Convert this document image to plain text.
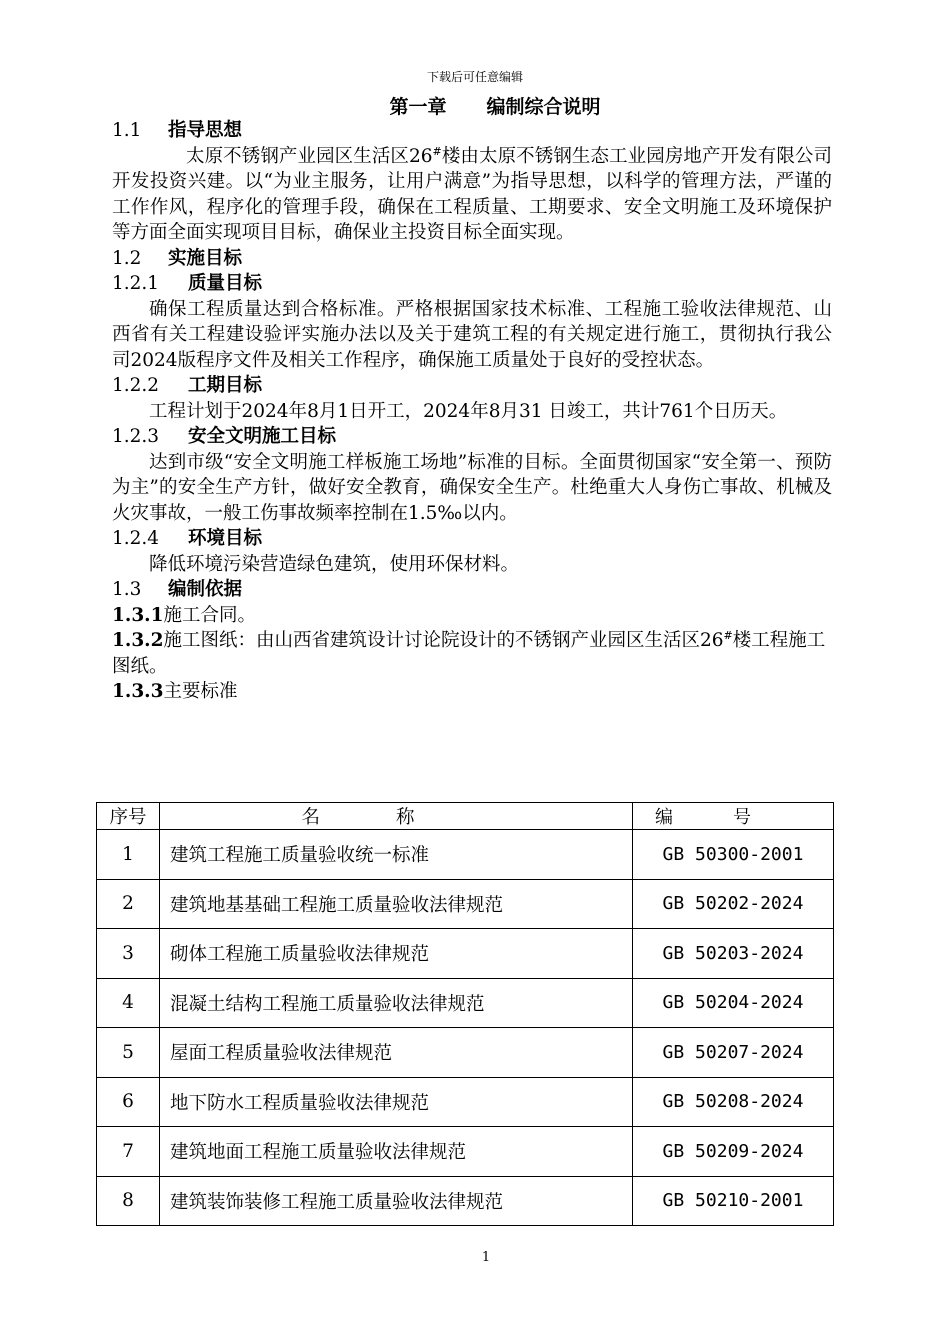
下载后可任意编辑
第一章 编制综合说明
1.1 指导思想
太原不锈钢产业园区生活区26#楼由太原不锈钢生态工业园房地产开发有限公司开发投资兴建。以“为业主服务，让用户满意”为指导思想，以科学的管理方法，严谨的工作作风，程序化的管理手段，确保在工程质量、工期要求、安全文明施工及环境保护等方面全面实现项目目标，确保业主投资目标全面实现。
1.2 实施目标
1.2.1 质量目标
确保工程质量达到合格标准。严格根据国家技术标准、工程施工验收法律规范、山西省有关工程建设验评实施办法以及关于建筑工程的有关规定进行施工，贯彻执行我公司2024版程序文件及相关工作程序，确保施工质量处于良好的受控状态。
1.2.2 工期目标
工程计划于2024年8月1日开工，2024年8月31 日竣工，共计761个日历天。
1.2.3 安全文明施工目标
达到市级“安全文明施工样板施工场地”标准的目标。全面贯彻国家“安全第一、预防为主”的安全生产方针，做好安全教育，确保安全生产。杜绝重大人身伤亡事故、机械及火灾事故，一般工伤事故频率控制在1.5‰以内。
1.2.4 环境目标
降低环境污染营造绿色建筑，使用环保材料。
1.3 编制依据
1.3.1施工合同。
1.3.2施工图纸：由山西省建筑设计讨论院设计的不锈钢产业园区生活区26#楼工程施工图纸。
1.3.3主要标准
序号	名称	编号
1	建筑工程施工质量验收统一标准	GB 50300-2001
2	建筑地基基础工程施工质量验收法律规范	GB 50202-2024
3	砌体工程施工质量验收法律规范	GB 50203-2024
4	混凝土结构工程施工质量验收法律规范	GB 50204-2024
5	屋面工程质量验收法律规范	GB 50207-2024
6	地下防水工程质量验收法律规范	GB 50208-2024
7	建筑地面工程施工质量验收法律规范	GB 50209-2024
8	建筑装饰装修工程施工质量验收法律规范	GB 50210-2001
1
